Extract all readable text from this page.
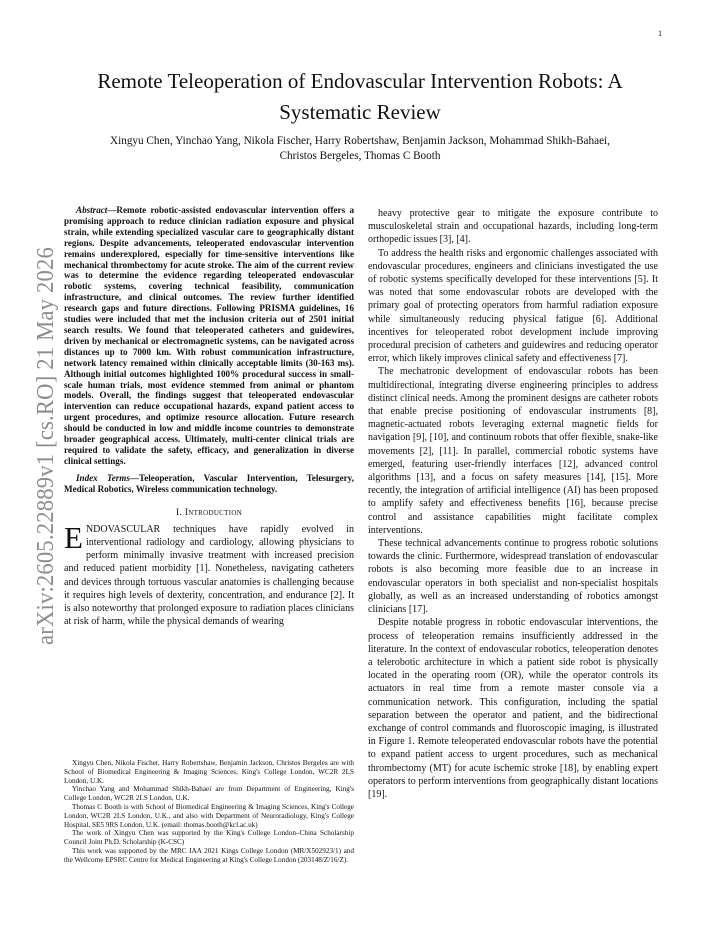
1
arXiv:2605.22889v1 [cs.RO] 21 May 2026
Remote Teleoperation of Endovascular Intervention Robots: A
Systematic Review
Xingyu Chen, Yinchao Yang, Nikola Fischer, Harry Robertshaw, Benjamin Jackson, Mohammad Shikh-Bahaei,
Christos Bergeles, Thomas C Booth

Abstract—Remote robotic-assisted endovascular intervention offers a promising approach to reduce clinician radiation exposure and physical strain, while extending specialized vascular care to geographically distant regions. Despite advancements, teleoperated endovascular intervention remains underexplored, especially for time-sensitive interventions like mechanical thrombectomy for acute stroke. The aim of the current review was to determine the evidence regarding teleoperated endovascular robotic systems, covering technical feasibility, communication infrastructure, and clinical outcomes. The review further identified research gaps and future directions. Following PRISMA guidelines, 16 studies were included that met the inclusion criteria out of 2501 initial search results. We found that teleoperated catheters and guidewires, driven by mechanical or electromagnetic systems, can be navigated across distances up to 7000 km. With robust communication infrastructure, network latency remained within clinically acceptable limits (30-163 ms). Although initial outcomes highlighted 100% procedural success in small-scale human trials, most evidence stemmed from animal or phantom models. Overall, the findings suggest that teleoperated endovascular intervention can reduce occupational hazards, expand patient access to urgent procedures, and optimize resource allocation. Future research should be conducted in low and middle income countries to demonstrate broader geographical access. Ultimately, multi-center clinical trials are required to validate the safety, efficacy, and generalization in diverse clinical settings.

Index Terms—Teleoperation, Vascular Intervention, Telesurgery, Medical Robotics, Wireless communication technology.

I. Introduction

ENDOVASCULAR techniques have rapidly evolved in interventional radiology and cardiology, allowing physicians to perform minimally invasive treatment with increased precision and reduced patient morbidity [1]. Nonetheless, navigating catheters and devices through tortuous vascular anatomies is challenging because it requires high levels of dexterity, concentration, and endurance [2]. It is also noteworthy that prolonged exposure to radiation places clinicians at risk of harm, while the physical demands of wearing

Xingyu Chen, Nikola Fischer, Harry Robertshaw, Benjamin Jackson, Christos Bergeles are with School of Biomedical Engineering & Imaging Sciences, King's College London, WC2R 2LS London, U.K.

Yinchao Yang and Mohammad Shikh-Bahaei are from Department of Engineering, King's College London, WC2R 2LS London, U.K.

Thomas C Booth is with School of Biomedical Engineering & Imaging Sciences, King's College London, WC2R 2LS London, U.K., and also with Department of Neuroradiology, King's College Hospital, SE5 9RS London, U.K. (email: thomas.booth@kcl.ac.uk)

The work of Xingyu Chen was supported by the King's College London–China Scholarship Council Joint Ph.D. Scholarship (K-CSC)

This work was supported by the MRC IAA 2021 Kings College London (MR/X502923/1) and the Wellcome EPSRC Centre for Medical Engineering at King's College London (203148/Z/16/Z).

heavy protective gear to mitigate the exposure contribute to musculoskeletal strain and occupational hazards, including long-term orthopedic issues [3], [4].

To address the health risks and ergonomic challenges associated with endovascular procedures, engineers and clinicians investigated the use of robotic systems specifically developed for these interventions [5]. It was noted that some endovascular robots are developed with the primary goal of protecting operators from harmful radiation exposure while simultaneously reducing physical fatigue [6]. Additional incentives for teleoperated robot development include improving procedural precision of catheters and guidewires and reducing operator error, which likely improves clinical safety and effectiveness [7].

The mechatronic development of endovascular robots has been multidirectional, integrating diverse engineering principles to address distinct clinical needs. Among the prominent designs are catheter robots that enable precise positioning of endovascular instruments [8], magnetic-actuated robots leveraging external magnetic fields for navigation [9], [10], and continuum robots that offer flexible, snake-like movements [2], [11]. In parallel, commercial robotic systems have emerged, featuring user-friendly interfaces [12], advanced control algorithms [13], and a focus on safety measures [14], [15]. More recently, the integration of artificial intelligence (AI) has been proposed to amplify safety and effectiveness benefits [16], because precise control and assistance capabilities might facilitate complex interventions.

These technical advancements continue to progress robotic solutions towards the clinic. Furthermore, widespread translation of endovascular robots is also becoming more feasible due to an increase in endovascular operators in both specialist and non-specialist hospitals globally, as well as an increased understanding of robotics amongst clinicians [17].

Despite notable progress in robotic endovascular interventions, the process of teleoperation remains insufficiently addressed in the literature. In the context of endovascular robotics, teleoperation denotes a telerobotic architecture in which a patient side robot is physically located in the operating room (OR), while the operator controls its actuators in real time from a remote master console via a communication network. This configuration, including the spatial separation between the operator and patient, and the bidirectional exchange of control commands and fluoroscopic imaging, is illustrated in Figure 1. Remote teleoperated endovascular robots have the potential to expand patient access to urgent procedures, such as mechanical thrombectomy (MT) for acute ischemic stroke [18], by enabling expert operators to perform interventions from geographically distant locations [19].
